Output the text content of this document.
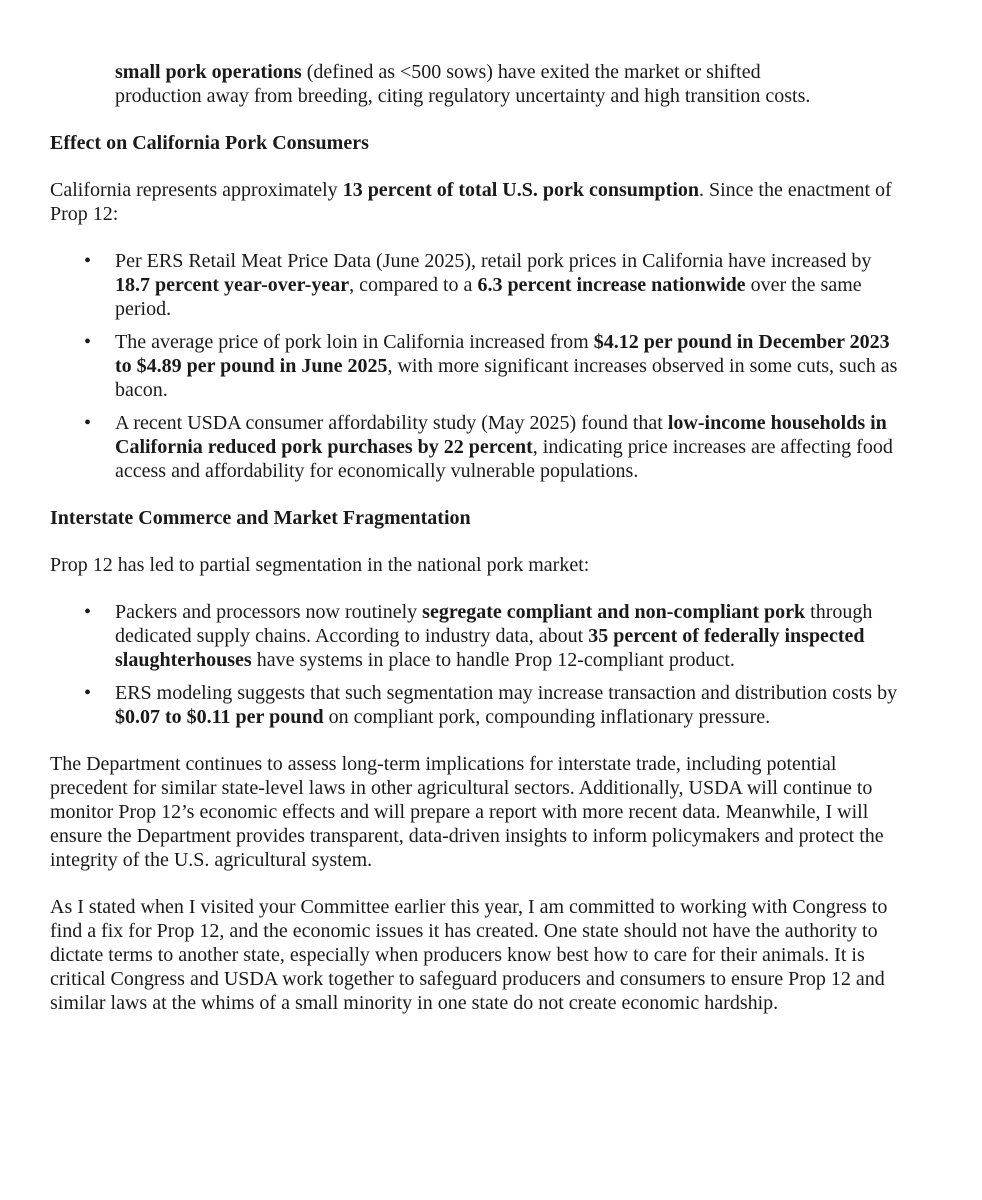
small pork operations (defined as <500 sows) have exited the market or shifted

production away from breeding, citing regulatory uncertainty and high transition costs.

Effect on California Pork Consumers

California represents approximately 13 percent of total U.S. pork consumption. Since the enactment of Prop 12:

• Per ERS Retail Meat Price Data (June 2025), retail pork prices in California have increased by 18.7 percent year-over-year, compared to a 6.3 percent increase nationwide over the same period.
• The average price of pork loin in California increased from $4.12 per pound in December 2023 to $4.89 per pound in June 2025, with more significant increases observed in some cuts, such as bacon.
• A recent USDA consumer affordability study (May 2025) found that low-income households in California reduced pork purchases by 22 percent, indicating price increases are affecting food access and affordability for economically vulnerable populations.

Interstate Commerce and Market Fragmentation

Prop 12 has led to partial segmentation in the national pork market:

• Packers and processors now routinely segregate compliant and non-compliant pork through dedicated supply chains. According to industry data, about 35 percent of federally inspected slaughterhouses have systems in place to handle Prop 12-compliant product.
• ERS modeling suggests that such segmentation may increase transaction and distribution costs by $0.07 to $0.11 per pound on compliant pork, compounding inflationary pressure.

The Department continues to assess long-term implications for interstate trade, including potential precedent for similar state-level laws in other agricultural sectors. Additionally, USDA will continue to monitor Prop 12’s economic effects and will prepare a report with more recent data. Meanwhile, I will ensure the Department provides transparent, data-driven insights to inform policymakers and protect the integrity of the U.S. agricultural system.

As I stated when I visited your Committee earlier this year, I am committed to working with Congress to find a fix for Prop 12, and the economic issues it has created. One state should not have the authority to dictate terms to another state, especially when producers know best how to care for their animals. It is critical Congress and USDA work together to safeguard producers and consumers to ensure Prop 12 and similar laws at the whims of a small minority in one state do not create economic hardship.
